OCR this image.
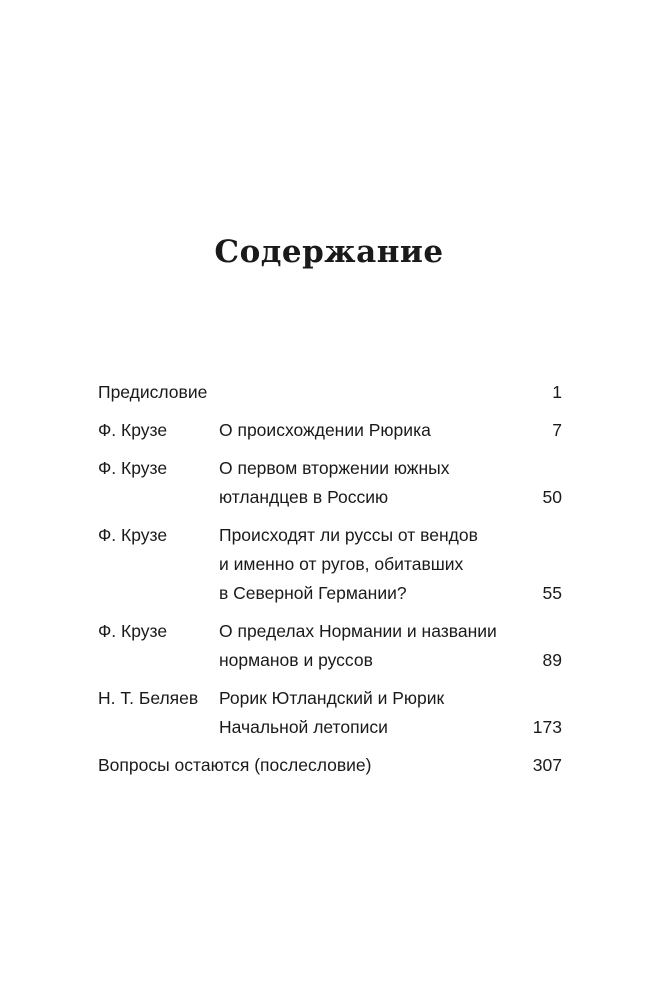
Содержание
Предисловие	1
Ф. Крузе	О происхождении Рюрика	7
Ф. Крузе	О первом вторжении южных
ютландцев в Россию	50
Ф. Крузе	Происходят ли руссы от вендов
и именно от ругов, обитавших
в Северной Германии?	55
Ф. Крузе	О пределах Нормании и названии
норманов и руссов	89
Н. Т. Беляев	Рорик Ютландский и Рюрик
Начальной летописи	173
Вопросы остаются (послесловие)	307
